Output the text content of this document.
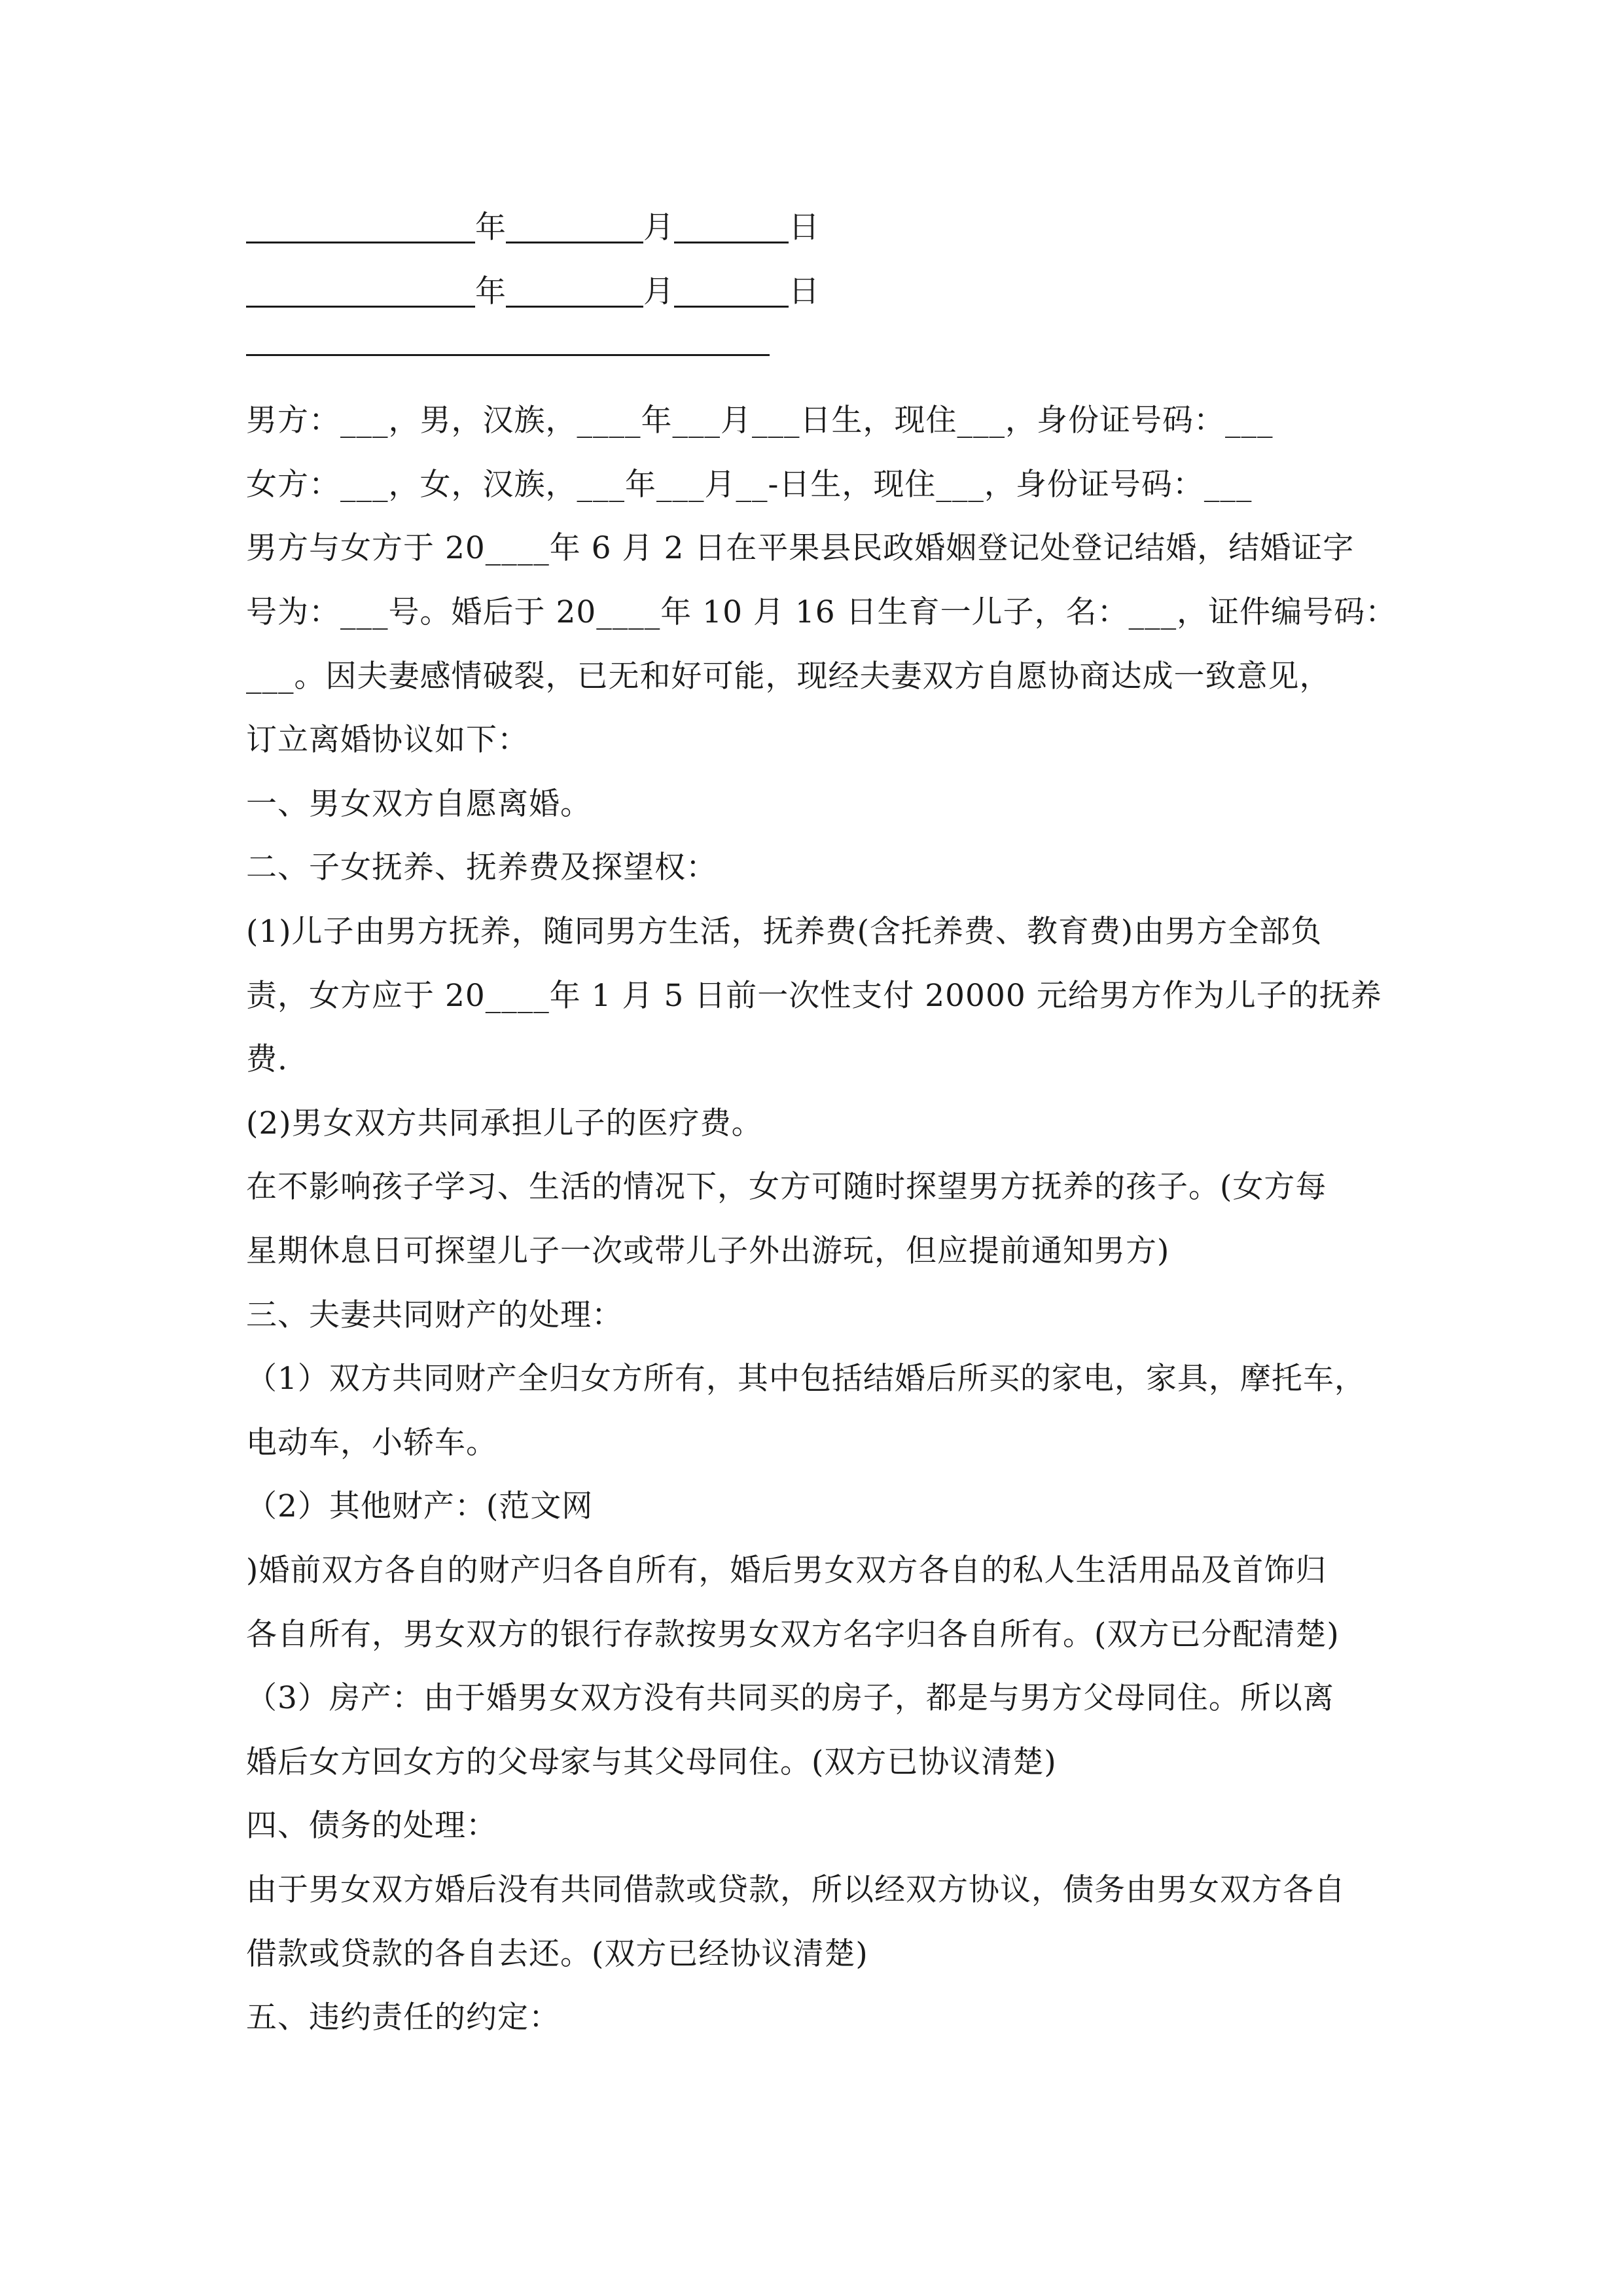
年	月	日
年	月	日
男方：___，男，汉族，____年___月___日生，现住___，身份证号码：___
女方：___，女，汉族，___年___月__-日生，现住___，身份证号码：___
男方与女方于 20____年 6 月 2 日在平果县民政婚姻登记处登记结婚，结婚证字
号为：___号。婚后于 20____年 10 月 16 日生育一儿子，名：___，证件编号码：
___。因夫妻感情破裂，已无和好可能，现经夫妻双方自愿协商达成一致意见，
订立离婚协议如下：
一、男女双方自愿离婚。
二、子女抚养、抚养费及探望权：
(1)儿子由男方抚养，随同男方生活，抚养费(含托养费、教育费)由男方全部负
责，女方应于 20____年 1 月 5 日前一次性支付 20000 元给男方作为儿子的抚养
费.
(2)男女双方共同承担儿子的医疗费。
在不影响孩子学习、生活的情况下，女方可随时探望男方抚养的孩子。(女方每
星期休息日可探望儿子一次或带儿子外出游玩，但应提前通知男方)
三、夫妻共同财产的处理：
（1）双方共同财产全归女方所有，其中包括结婚后所买的家电，家具，摩托车，
电动车，小轿车。
（2）其他财产：(范文网
)婚前双方各自的财产归各自所有，婚后男女双方各自的私人生活用品及首饰归
各自所有，男女双方的银行存款按男女双方名字归各自所有。(双方已分配清楚)
（3）房产：由于婚男女双方没有共同买的房子，都是与男方父母同住。所以离
婚后女方回女方的父母家与其父母同住。(双方已协议清楚)
四、债务的处理：
由于男女双方婚后没有共同借款或贷款，所以经双方协议，债务由男女双方各自
借款或贷款的各自去还。(双方已经协议清楚)
五、违约责任的约定：
